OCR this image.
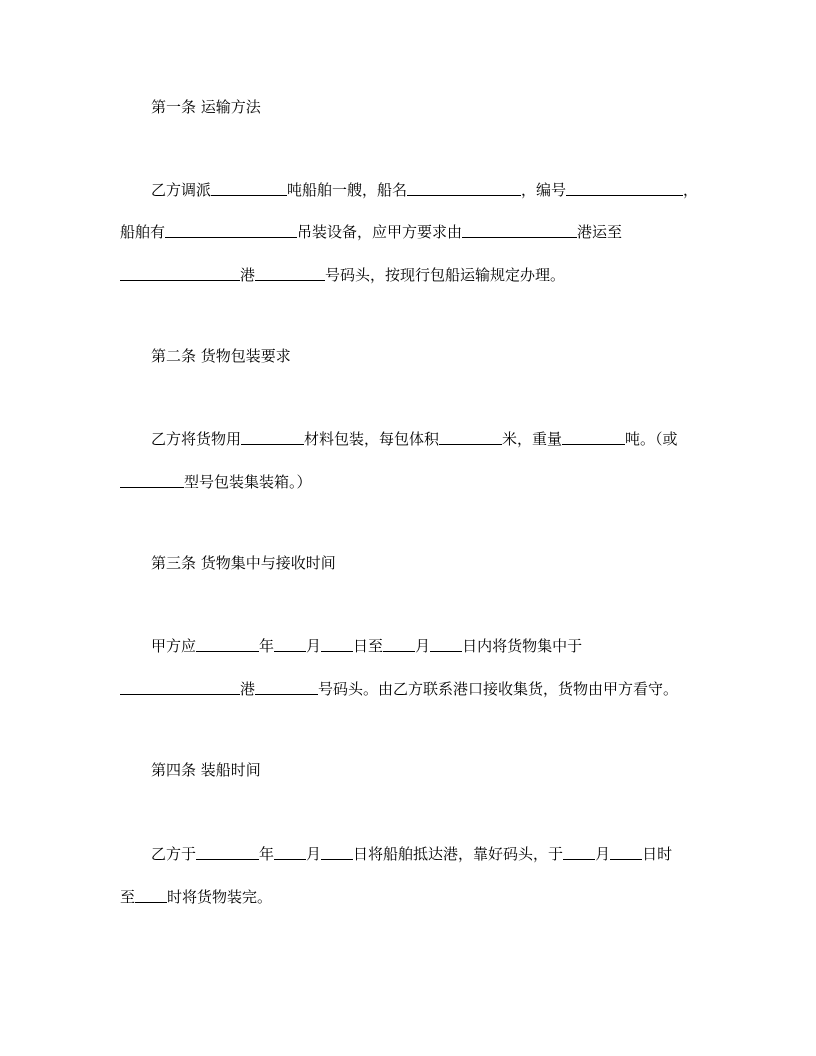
第一条 运输方法
乙方调派	吨船舶一艘，船名	，编号	，
船舶有	吊装设备，应甲方要求由	港运至
港	号码头，按现行包船运输规定办理。
第二条 货物包装要求
乙方将货物用	材料包装，每包体积	米，重量	吨。（或
型号包装集装箱。）
第三条 货物集中与接收时间
甲方应	年 月 日至 月 日内将货物集中于
港	号码头。由乙方联系港口接收集货，货物由甲方看守。
第四条 装船时间
乙方于	年 月 日将船舶抵达港，靠好码头，于 月 日时
至 时将货物装完。
